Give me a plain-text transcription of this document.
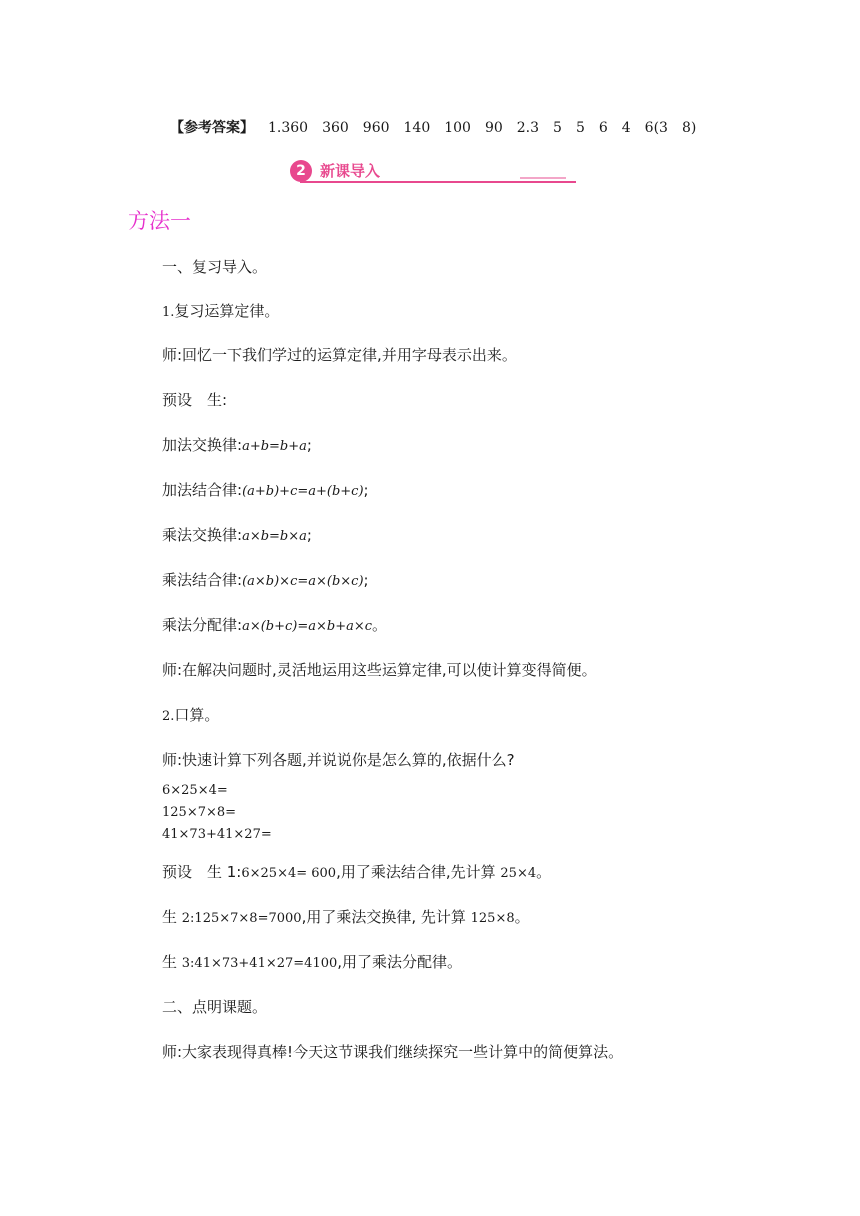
【参考答案】 1.360　360　960　140　100　90　2.3　5　5　6　4　6(3　8)
2 新课导入
方法一
一、复习导入。
1.复习运算定律。
师:回忆一下我们学过的运算定律,并用字母表示出来。
预设　生:
加法交换律:a+b=b+a;
加法结合律:(a+b)+c=a+(b+c);
乘法交换律:a×b=b×a;
乘法结合律:(a×b)×c=a×(b×c);
乘法分配律:a×(b+c)=a×b+a×c。
师:在解决问题时,灵活地运用这些运算定律,可以使计算变得简便。
2.口算。
师:快速计算下列各题,并说说你是怎么算的,依据什么?
6×25×4=
125×7×8=
41×73+41×27=
预设　生 1:6×25×4= 600,用了乘法结合律,先计算 25×4。
生 2:125×7×8=7000,用了乘法交换律, 先计算 125×8。
生 3:41×73+41×27=4100,用了乘法分配律。
二、点明课题。
师:大家表现得真棒!今天这节课我们继续探究一些计算中的简便算法。
